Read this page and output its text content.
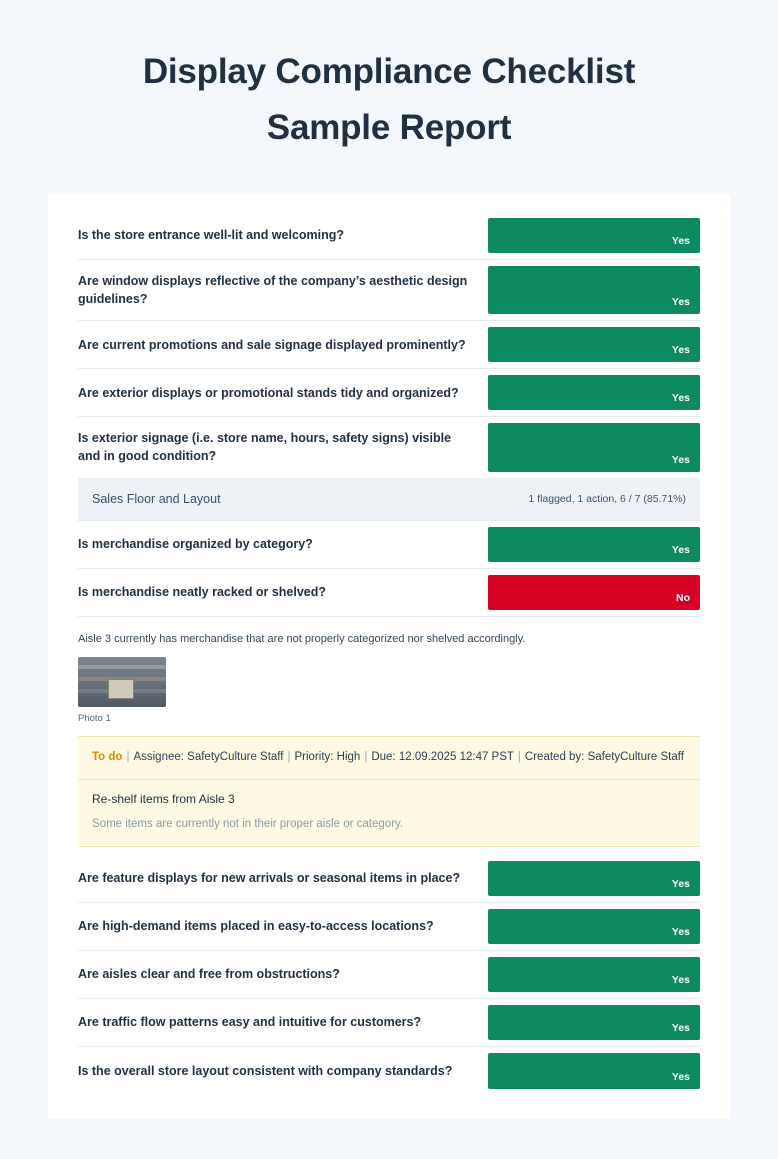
Display Compliance Checklist
Sample Report
Is the store entrance well-lit and welcoming?	Yes
Are window displays reflective of the company’s aesthetic design guidelines?	Yes
Are current promotions and sale signage displayed prominently?	Yes
Are exterior displays or promotional stands tidy and organized?	Yes
Is exterior signage (i.e. store name, hours, safety signs) visible and in good condition?	Yes
Sales Floor and Layout	1 flagged, 1 action, 6 / 7 (85.71%)
Is merchandise organized by category?	Yes
Is merchandise neatly racked or shelved?	No
Aisle 3 currently has merchandise that are not properly categorized nor shelved accordingly.
Photo 1
To do | Assignee: SafetyCulture Staff | Priority: High | Due: 12.09.2025 12:47 PST | Created by: SafetyCulture Staff
Re-shelf items from Aisle 3
Some items are currently not in their proper aisle or category.
Are feature displays for new arrivals or seasonal items in place?	Yes
Are high-demand items placed in easy-to-access locations?	Yes
Are aisles clear and free from obstructions?	Yes
Are traffic flow patterns easy and intuitive for customers?	Yes
Is the overall store layout consistent with company standards?	Yes
